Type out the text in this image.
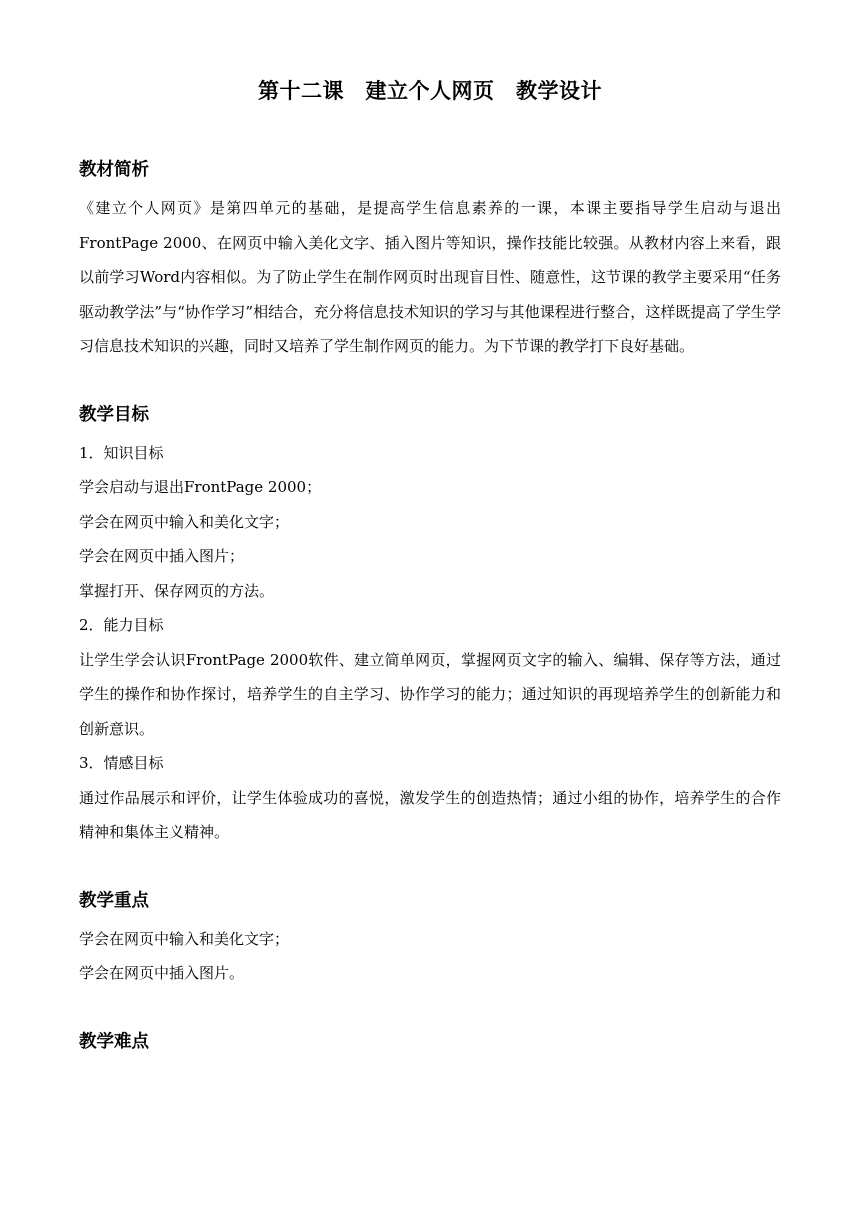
第十二课　建立个人网页　教学设计
教材简析

《建立个人网页》是第四单元的基础，是提高学生信息素养的一课，本课主要指导学生启动与退出FrontPage 2000、在网页中输入美化文字、插入图片等知识，操作技能比较强。从教材内容上来看，跟以前学习Word内容相似。为了防止学生在制作网页时出现盲目性、随意性，这节课的教学主要采用“任务驱动教学法”与“协作学习”相结合，充分将信息技术知识的学习与其他课程进行整合，这样既提高了学生学习信息技术知识的兴趣，同时又培养了学生制作网页的能力。为下节课的教学打下良好基础。

教学目标

1．知识目标

学会启动与退出FrontPage 2000；

学会在网页中输入和美化文字；

学会在网页中插入图片；

掌握打开、保存网页的方法。

2．能力目标

让学生学会认识FrontPage 2000软件、建立简单网页，掌握网页文字的输入、编辑、保存等方法，通过学生的操作和协作探讨，培养学生的自主学习、协作学习的能力；通过知识的再现培养学生的创新能力和创新意识。

3．情感目标

通过作品展示和评价，让学生体验成功的喜悦，激发学生的创造热情；通过小组的协作，培养学生的合作精神和集体主义精神。

教学重点

学会在网页中输入和美化文字；

学会在网页中插入图片。

教学难点
